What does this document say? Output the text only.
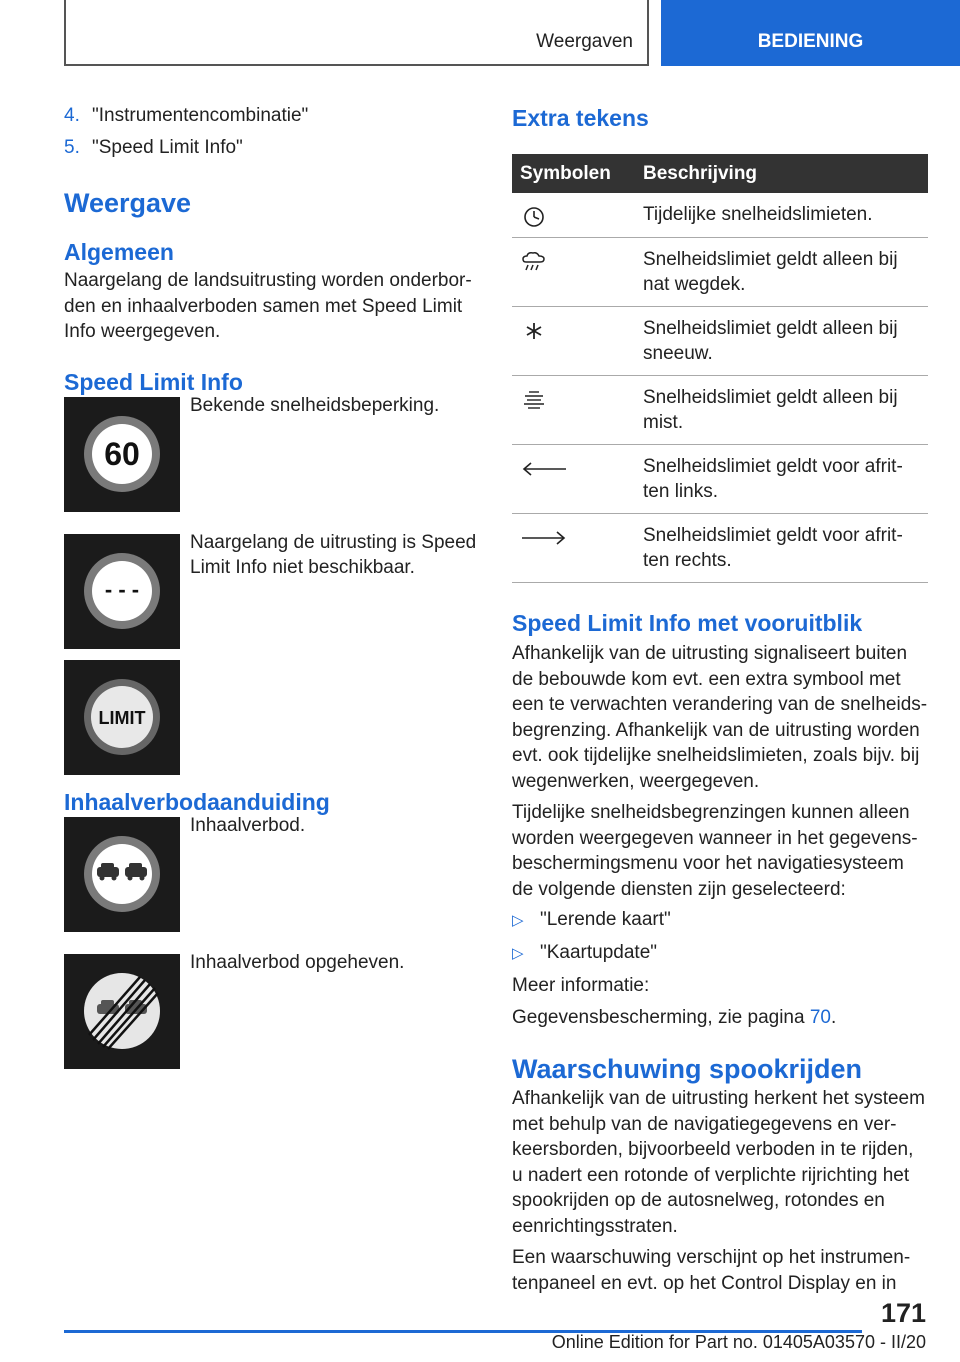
Weergaven	BEDIENING
4. "Instrumentencombinatie"
5. "Speed Limit Info"
Weergave
Algemeen
Naargelang de landsuitrusting worden onderborden en inhaalverboden samen met Speed Limit Info weergegeven.
Speed Limit Info
60
Bekende snelheidsbeperking.
- - -
Naargelang de uitrusting is Speed Limit Info niet beschikbaar.
LIMIT
Inhaalverbodaanduiding
Inhaalverbod.
Inhaalverbod opgeheven.
Extra tekens
Symbolen	Beschrijving

	Tijdelijke snelheidslimieten.

	Snelheidslimiet geldt alleen bij nat wegdek.

	Snelheidslimiet geldt alleen bij sneeuw.

	Snelheidslimiet geldt alleen bij mist.

	Snelheidslimiet geldt voor afritten links.

	Snelheidslimiet geldt voor afritten rechts.
Speed Limit Info met vooruitblik
Afhankelijk van de uitrusting signaliseert buiten de bebouwde kom evt. een extra symbool met een te verwachten verandering van de snelheidsbegrenzing. Afhankelijk van de uitrusting worden evt. ook tijdelijke snelheidslimieten, zoals bijv. bij wegenwerken, weergegeven.
Tijdelijke snelheidsbegrenzingen kunnen alleen worden weergegeven wanneer in het gegevensbeschermingsmenu voor het navigatiesysteem de volgende diensten zijn geselecteerd:
▷ "Lerende kaart"
▷ "Kaartupdate"
Meer informatie:
Gegevensbescherming, zie pagina 70.
Waarschuwing spookrijden
Afhankelijk van de uitrusting herkent het systeem met behulp van de navigatiegegevens en verkeersborden, bijvoorbeeld verboden in te rijden, u nadert een rotonde of verplichte rijrichting het spookrijden op de autosnelweg, rotondes en eenrichtingsstraten.
Een waarschuwing verschijnt op het instrumentenpaneel en evt. op het Control Display en in
171
Online Edition for Part no. 01405A03570 - II/20
